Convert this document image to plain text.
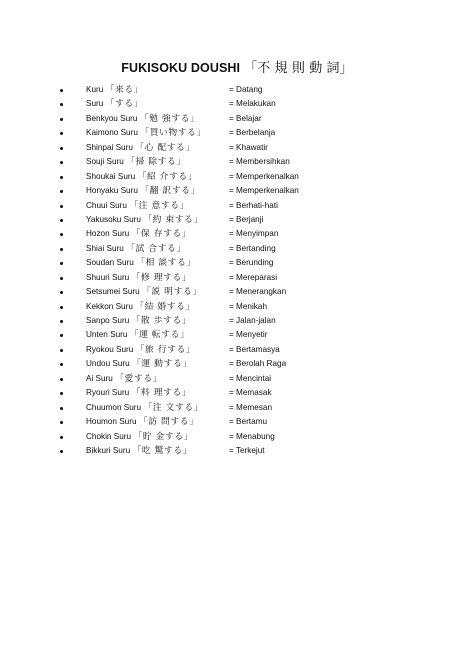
FUKISOKU DOUSHI 「不 規 則 動 詞」
Kuru 「来る」	= Datang
Suru 「する」	= Melakukan
Benkyou Suru 「勉 強する」	= Belajar
Kaimono Suru 「買い物する」	= Berbelanja
Shinpai Suru 「心 配する」	= Khawatir
Souji Suru 「掃 除する」	= Membersihkan
Shoukai Suru 「紹 介する」	= Memperkenalkan
Honyaku Suru 「翻 訳する」	= Memperkenalkan
Chuui Suru 「注 意する」	= Berhati-hati
Yakusoku Suru 「約 束する」	= Berjanji
Hozon Suru 「保 存する」	= Menyimpan
Shiai Suru 「試 合する」	= Bertanding
Soudan Suru 「相 談する」	= Berunding
Shuuri Suru 「修 理する」	= Mereparasi
Setsumei Suru 「説 明する」	= Menerangkan
Kekkon Suru 「結 婚する」	= Menikah
Sanpo Suru 「散 歩する」	= Jalan-jalan
Unten Suru 「運 転する」	= Menyetir
Ryokou Suru 「旅 行する」	= Bertamasya
Undou Suru 「運 動する」	= Berolah Raga
Ai Suru 「愛する」	= Mencintai
Ryouri Suru 「料 理する」	= Memasak
Chuumon Suru 「注 文する」	= Memesan
Houmon Suru 「訪 問する」	= Bertamu
Chokin Suru 「貯 金する」	= Menabung
Bikkuri Suru 「吃 驚する」	= Terkejut
